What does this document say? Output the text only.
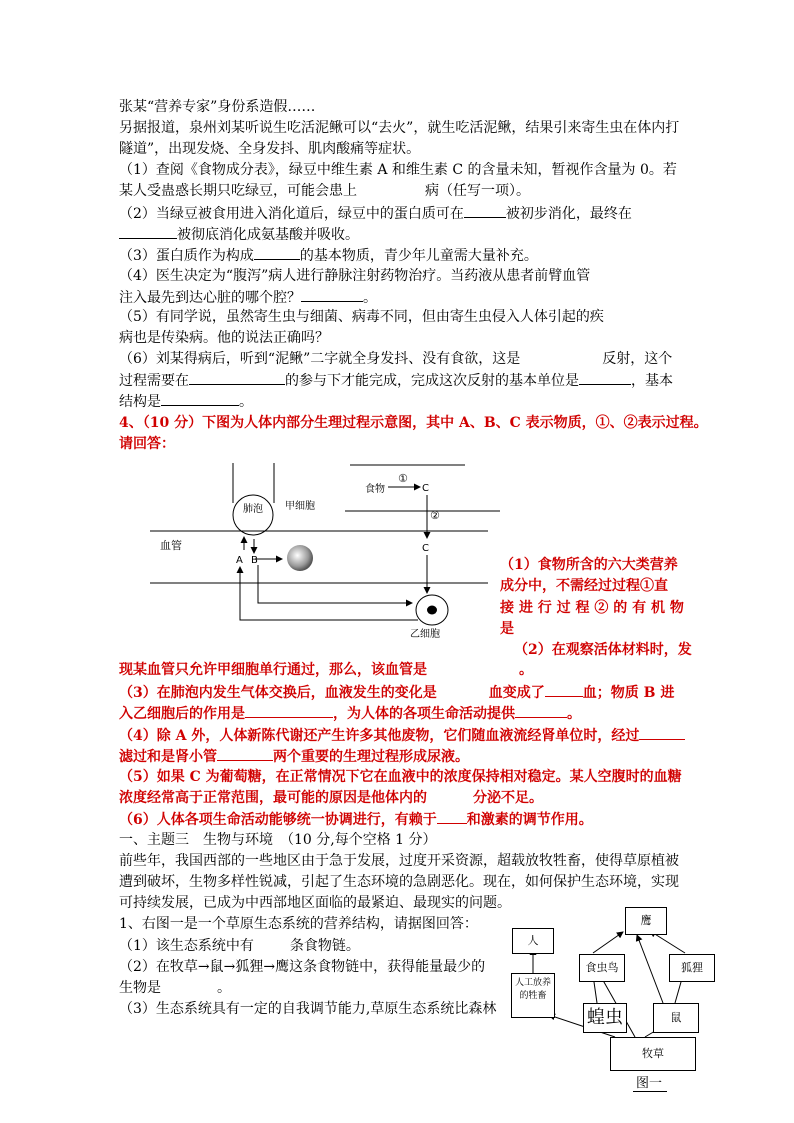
张某“营养专家”身份系造假……
另据报道，泉州刘某听说生吃活泥鳅可以“去火”，就生吃活泥鳅，结果引来寄生虫在体内打
隧道”，出现发烧、全身发抖、肌肉酸痛等症状。
（1）查阅《食物成分表》，绿豆中维生素 A 和维生素 C 的含量未知，暂视作含量为 0。若
某人受蛊惑长期只吃绿豆，可能会患上	病（任写一项）。
（2）当绿豆被食用进入消化道后，绿豆中的蛋白质可在	被初步消化，最终在
被彻底消化成氨基酸并吸收。
（3）蛋白质作为构成	的基本物质，青少年儿童需大量补充。
（4）医生决定为“腹泻”病人进行静脉注射药物治疗。当药液从患者前臂血管
注入最先到达心脏的哪个腔？	。
（5）有同学说，虽然寄生虫与细菌、病毒不同，但由寄生虫侵入人体引起的疾
病也是传染病。他的说法正确吗？
（6）刘某得病后，听到“泥鳅”二字就全身发抖、没有食欲，这是	反射，这个
过程需要在	的参与下才能完成，完成这次反射的基本单位是	，基本
结构是	。
4、（10 分）下图为人体内部分生理过程示意图，其中 A、B、C 表示物质，①、②表示过程。
请回答：
肺泡
血管
甲细胞
食物
①
C
②
C
A B
乙细胞
（1）食物所含的六大类营养
成分中，不需经过过程①直
接 进 行 过 程 ② 的 有 机 物
是
（2）在观察活体材料时，发
现某血管只允许甲细胞单行通过，那么，该血管是	。
（3）在肺泡内发生气体交换后，血液发生的变化是	血变成了	血；物质 B 进
入乙细胞后的作用是	，为人体的各项生命活动提供	。
（4）除 A 外，人体新陈代谢还产生许多其他废物，它们随血液流经肾单位时，经过
滤过和是肾小管	两个重要的生理过程形成尿液。
（5）如果 C 为葡萄糖，在正常情况下它在血液中的浓度保持相对稳定。某人空腹时的血糖
浓度经常高于正常范围，最可能的原因是他体内的	分泌不足。
（6）人体各项生命活动能够统一协调进行，有赖于 和激素的调节作用。
一、主题三　生物与环境　（10 分,每个空格 1 分）
前些年，我国西部的一些地区由于急于发展，过度开采资源，超载放牧牲畜，使得草原植被
遭到破坏，生物多样性锐减，引起了生态环境的急剧恶化。现在，如何保护生态环境，实现
可持续发展，已成为中西部地区面临的最紧迫、最现实的问题。
1、右图一是一个草原生态系统的营养结构，请据图回答：
（1）该生态系统中有	条食物链。
（2）在牧草→鼠→狐狸→鹰这条食物链中，获得能量最少的
生物是	。
（3）生态系统具有一定的自我调节能力,草原生态系统比森林
鹰
人
食虫鸟	狐狸
人工放养
的牲畜
蝗虫	鼠
牧草
图一
